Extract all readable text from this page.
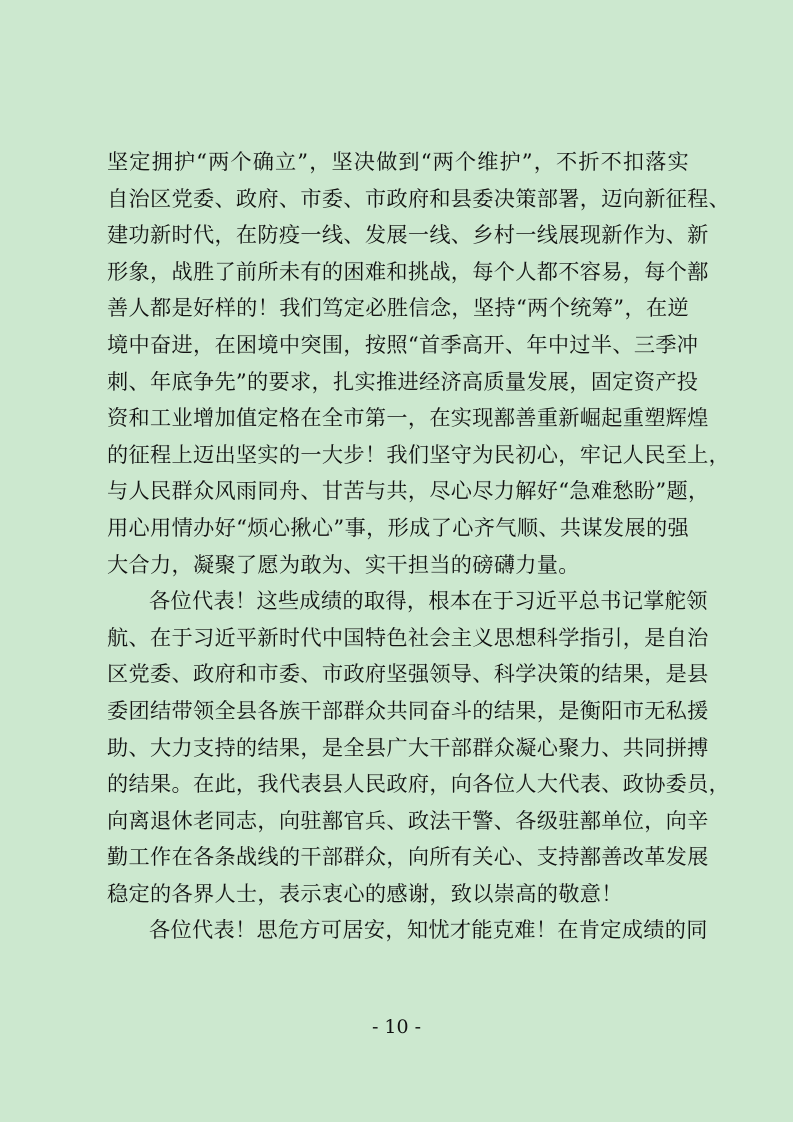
坚定拥护“两个确立”，坚决做到“两个维护”，不折不扣落实
自治区党委、政府、市委、市政府和县委决策部署，迈向新征程、
建功新时代，在防疫一线、发展一线、乡村一线展现新作为、新
形象，战胜了前所未有的困难和挑战，每个人都不容易，每个鄯
善人都是好样的！我们笃定必胜信念，坚持“两个统筹”，在逆
境中奋进，在困境中突围，按照“首季高开、年中过半、三季冲
刺、年底争先”的要求，扎实推进经济高质量发展，固定资产投
资和工业增加值定格在全市第一，在实现鄯善重新崛起重塑辉煌
的征程上迈出坚实的一大步！我们坚守为民初心，牢记人民至上，
与人民群众风雨同舟、甘苦与共，尽心尽力解好“急难愁盼”题，
用心用情办好“烦心揪心”事，形成了心齐气顺、共谋发展的强
大合力，凝聚了愿为敢为、实干担当的磅礴力量。
各位代表！这些成绩的取得，根本在于习近平总书记掌舵领
航、在于习近平新时代中国特色社会主义思想科学指引，是自治
区党委、政府和市委、市政府坚强领导、科学决策的结果，是县
委团结带领全县各族干部群众共同奋斗的结果，是衡阳市无私援
助、大力支持的结果，是全县广大干部群众凝心聚力、共同拼搏
的结果。在此，我代表县人民政府，向各位人大代表、政协委员，
向离退休老同志，向驻鄯官兵、政法干警、各级驻鄯单位，向辛
勤工作在各条战线的干部群众，向所有关心、支持鄯善改革发展
稳定的各界人士，表示衷心的感谢，致以崇高的敬意！
各位代表！思危方可居安，知忧才能克难！在肯定成绩的同
- 10 -
